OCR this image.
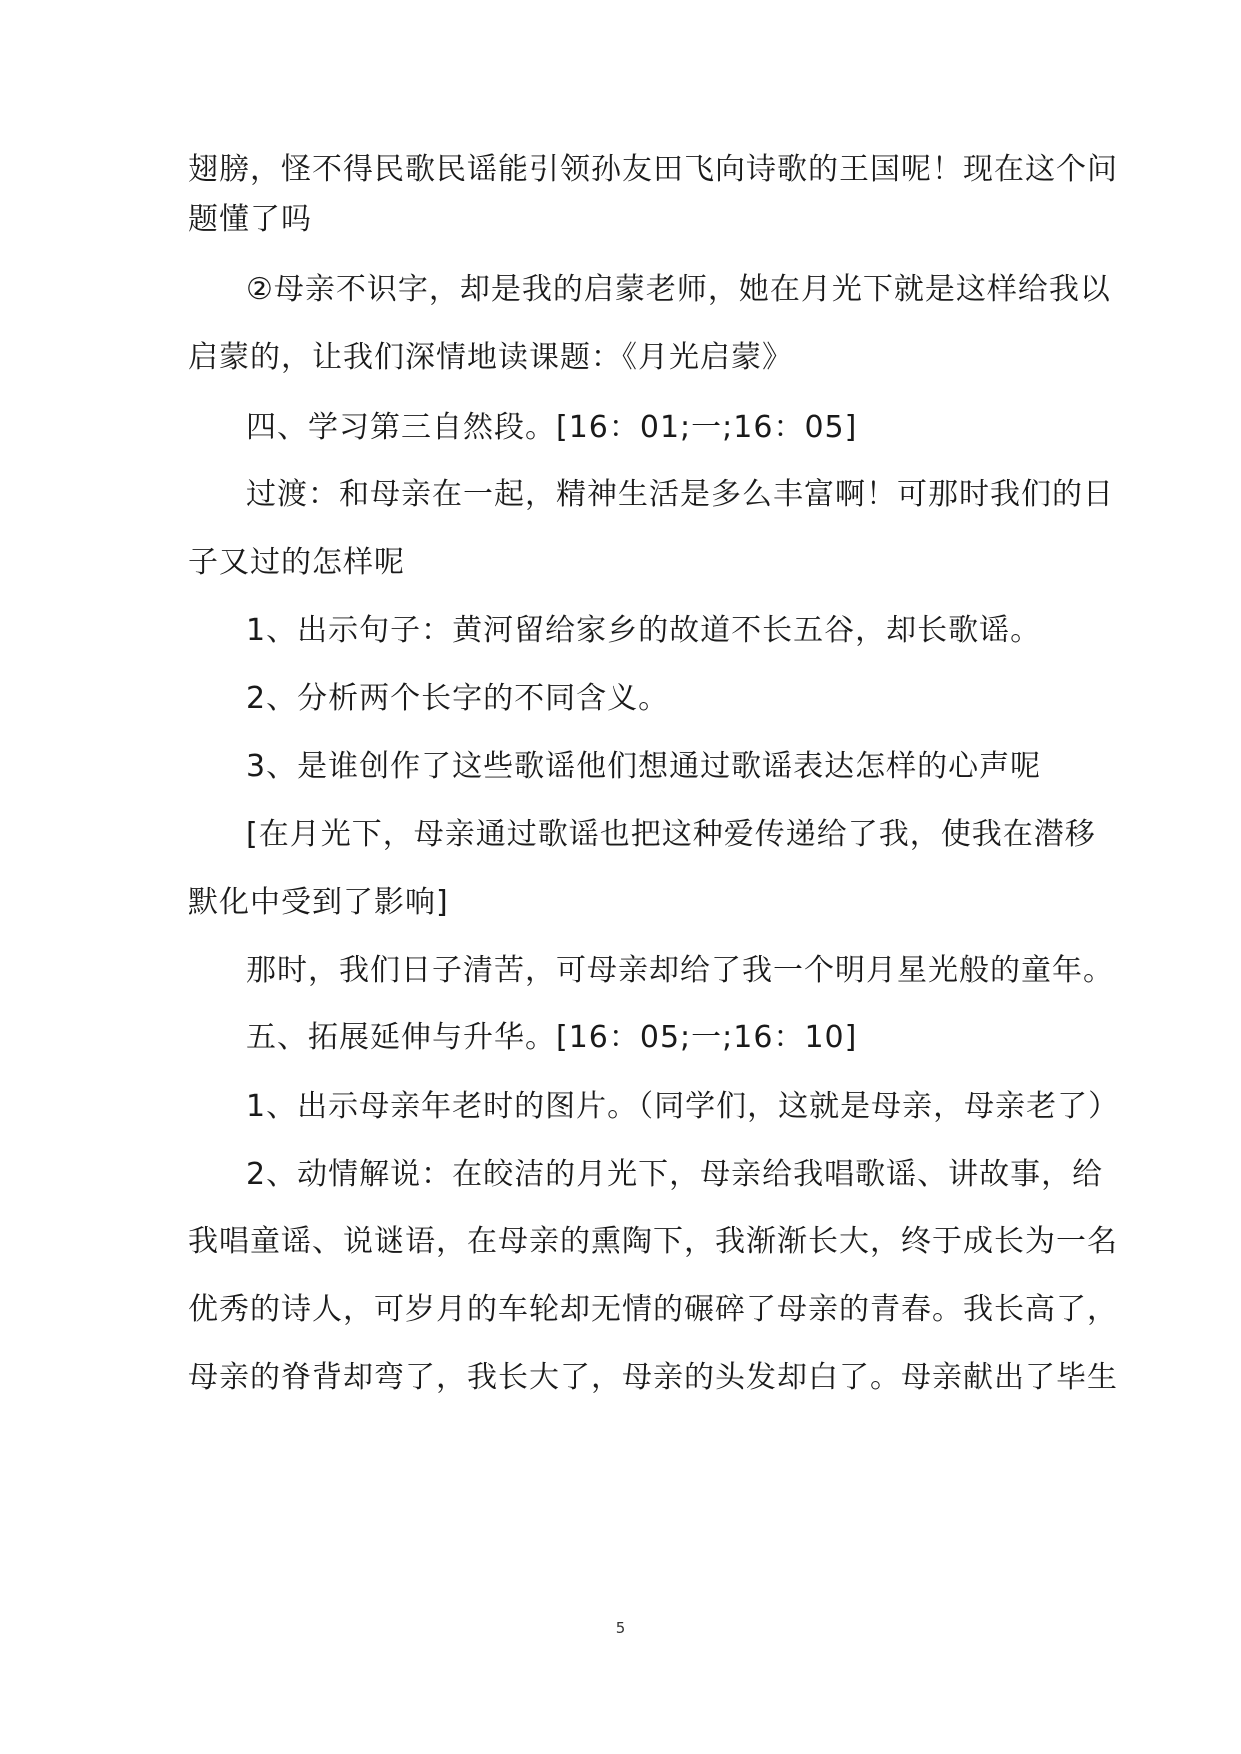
翅膀，怪不得民歌民谣能引领孙友田飞向诗歌的王国呢！现在这个问
题懂了吗
②母亲不识字，却是我的启蒙老师，她在月光下就是这样给我以
启蒙的，让我们深情地读课题：《月光启蒙》
四、学习第三自然段。[16：01;一;16：05]
过渡：和母亲在一起，精神生活是多么丰富啊！可那时我们的日
子又过的怎样呢
1、出示句子：黄河留给家乡的故道不长五谷，却长歌谣。
2、分析两个长字的不同含义。
3、是谁创作了这些歌谣他们想通过歌谣表达怎样的心声呢
[在月光下，母亲通过歌谣也把这种爱传递给了我，使我在潜移
默化中受到了影响]
那时，我们日子清苦，可母亲却给了我一个明月星光般的童年。
五、拓展延伸与升华。[16：05;一;16：10]
1、出示母亲年老时的图片。（同学们，这就是母亲，母亲老了）
2、动情解说：在皎洁的月光下，母亲给我唱歌谣、讲故事，给
我唱童谣、说谜语，在母亲的熏陶下，我渐渐长大，终于成长为一名
优秀的诗人，可岁月的车轮却无情的碾碎了母亲的青春。我长高了，
母亲的脊背却弯了，我长大了，母亲的头发却白了。母亲献出了毕生
5
